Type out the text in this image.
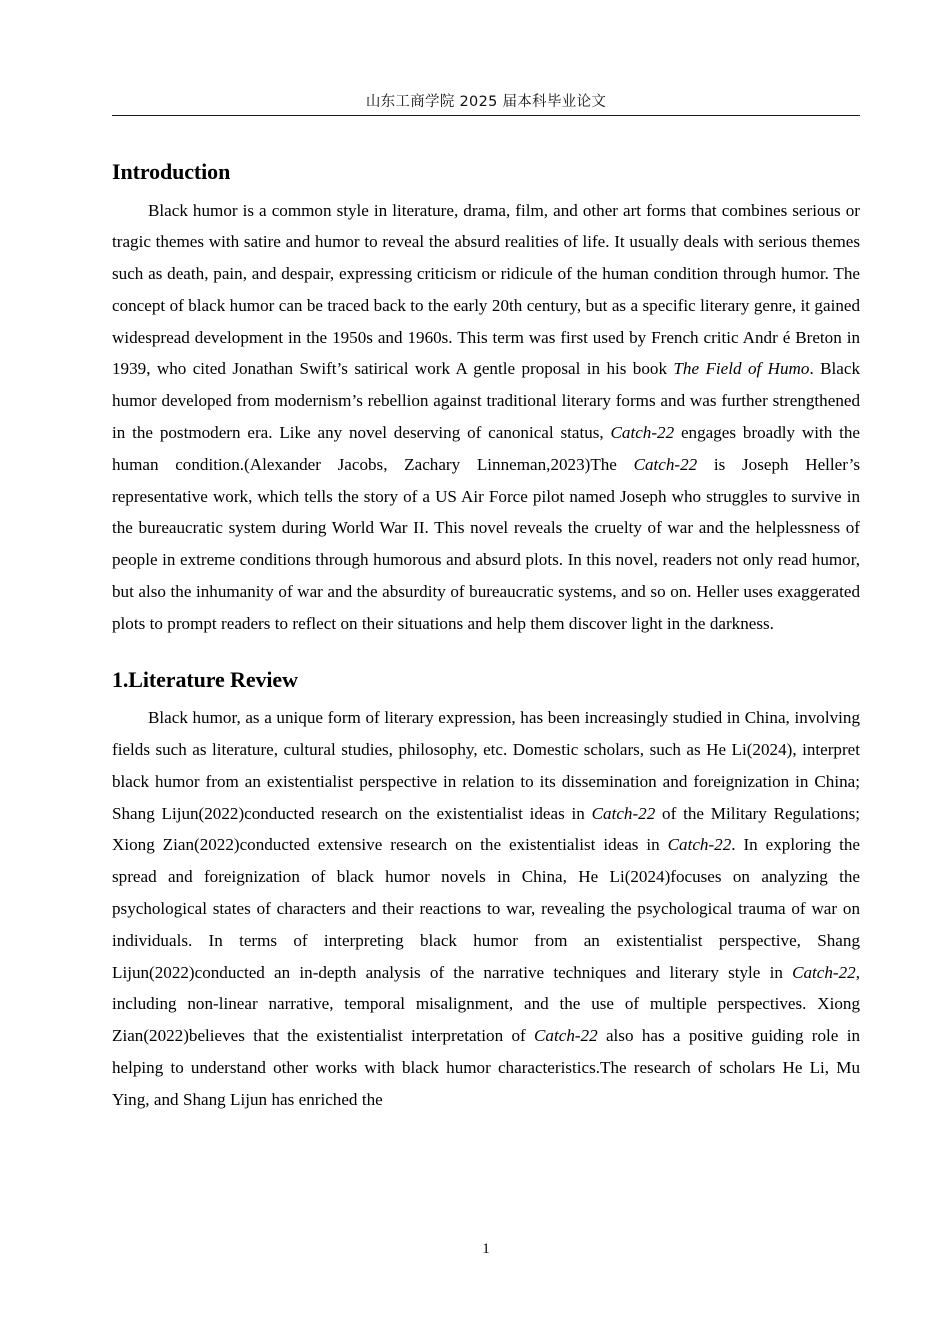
山东工商学院 2025 届本科毕业论文
Introduction

Black humor is a common style in literature, drama, film, and other art forms that combines serious or tragic themes with satire and humor to reveal the absurd realities of life. It usually deals with serious themes such as death, pain, and despair, expressing criticism or ridicule of the human condition through humor. The concept of black humor can be traced back to the early 20th century, but as a specific literary genre, it gained widespread development in the 1950s and 1960s. This term was first used by French critic Andr é Breton in 1939, who cited Jonathan Swift’s satirical work A gentle proposal in his book The Field of Humo. Black humor developed from modernism’s rebellion against traditional literary forms and was further strengthened in the postmodern era. Like any novel deserving of canonical status, Catch-22 engages broadly with the human condition.(Alexander Jacobs, Zachary Linneman,2023)The Catch-22 is Joseph Heller’s representative work, which tells the story of a US Air Force pilot named Joseph who struggles to survive in the bureaucratic system during World War II. This novel reveals the cruelty of war and the helplessness of people in extreme conditions through humorous and absurd plots. In this novel, readers not only read humor, but also the inhumanity of war and the absurdity of bureaucratic systems, and so on. Heller uses exaggerated plots to prompt readers to reflect on their situations and help them discover light in the darkness.

1.Literature Review

Black humor, as a unique form of literary expression, has been increasingly studied in China, involving fields such as literature, cultural studies, philosophy, etc. Domestic scholars, such as He Li(2024), interpret black humor from an existentialist perspective in relation to its dissemination and foreignization in China; Shang Lijun(2022)conducted research on the existentialist ideas in Catch-22 of the Military Regulations; Xiong Zian(2022)conducted extensive research on the existentialist ideas in Catch-22. In exploring the spread and foreignization of black humor novels in China, He Li(2024)focuses on analyzing the psychological states of characters and their reactions to war, revealing the psychological trauma of war on individuals. In terms of interpreting black humor from an existentialist perspective, Shang Lijun(2022)conducted an in-depth analysis of the narrative techniques and literary style in Catch-22, including non-linear narrative, temporal misalignment, and the use of multiple perspectives. Xiong Zian(2022)believes that the existentialist interpretation of Catch-22 also has a positive guiding role in helping to understand other works with black humor characteristics.The research of scholars He Li, Mu Ying, and Shang Lijun has enriched the

1
